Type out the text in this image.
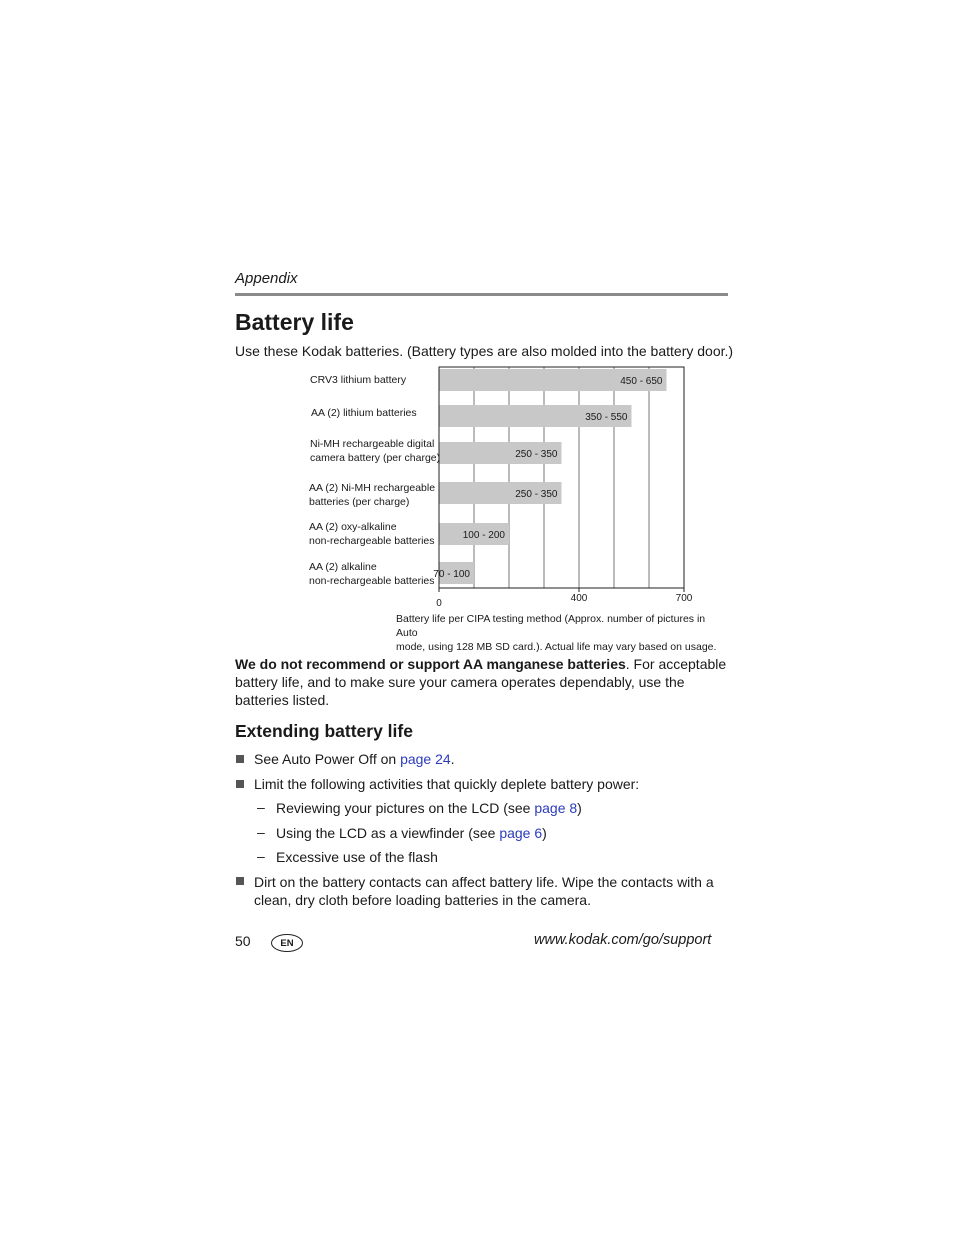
Appendix
Battery life
Use these Kodak batteries. (Battery types are also molded into the battery door.)
450 - 650
350 - 550
250 - 350
250 - 350
100 - 200
70 - 100
0	400	700
CRV3 lithium battery
AA (2) lithium batteries
Ni-MH rechargeable digital
camera battery (per charge)
AA (2) Ni-MH rechargeable
batteries (per charge)
AA (2) oxy-alkaline
non-rechargeable batteries
AA (2) alkaline
non-rechargeable batteries
Battery life per CIPA testing method (Approx. number of pictures in Auto
mode, using 128 MB SD card.). Actual life may vary based on usage.
We do not recommend or support AA manganese batteries. For acceptable battery life, and to make sure your camera operates dependably, use the batteries listed.
Extending battery life
See Auto Power Off on page 24.
Limit the following activities that quickly deplete battery power:
– Reviewing your pictures on the LCD (see page 8)
– Using the LCD as a viewfinder (see page 6)
– Excessive use of the flash
Dirt on the battery contacts can affect battery life. Wipe the contacts with a clean, dry cloth before loading batteries in the camera.
50	EN	www.kodak.com/go/support
